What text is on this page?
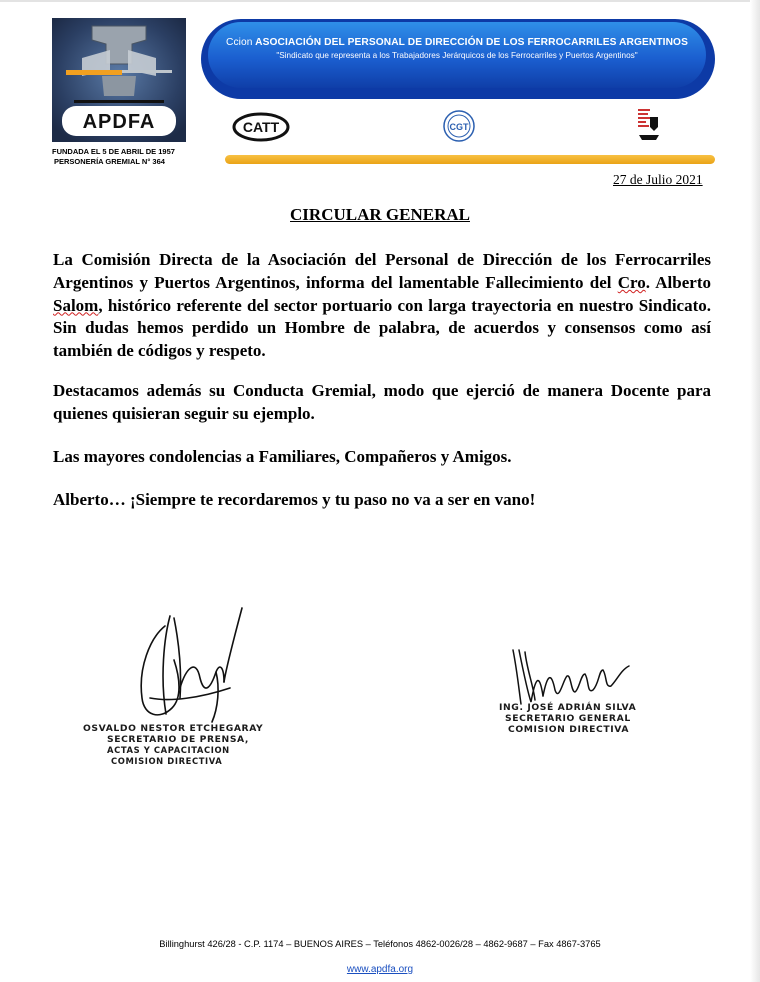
APDFA
FUNDADA EL 5 DE ABRIL DE 1957
PERSONERÍA GREMIAL N° 364
Ccion ASOCIACIÓN DEL PERSONAL DE DIRECCIÓN DE LOS FERROCARRILES ARGENTINOS
"Sindicato que representa a los Trabajadores Jerárquicos de los Ferrocarriles y Puertos Argentinos"
CATT	CGT
27 de Julio 2021
CIRCULAR GENERAL
La Comisión Directa de la Asociación del Personal de Dirección de los Ferrocarriles Argentinos y Puertos Argentinos, informa del lamentable Fallecimiento del Cro. Alberto Salom, histórico referente del sector portuario con larga trayectoria en nuestro Sindicato. Sin dudas hemos perdido un Hombre de palabra, de acuerdos y consensos como así también de códigos y respeto.
Destacamos además su Conducta Gremial, modo que ejerció de manera Docente para quienes quisieran seguir su ejemplo.
Las mayores condolencias a Familiares, Compañeros y Amigos.
Alberto… ¡Siempre te recordaremos y tu paso no va a ser en vano!
OSVALDO NESTOR ETCHEGARAY
SECRETARIO DE PRENSA,
ACTAS Y CAPACITACION
COMISION DIRECTIVA
ING. JOSÉ ADRIÁN SILVA
SECRETARIO GENERAL
COMISION DIRECTIVA
Billinghurst 426/28 - C.P. 1174 – BUENOS AIRES – Teléfonos 4862-0026/28 – 4862-9687 – Fax 4867-3765
www.apdfa.org
